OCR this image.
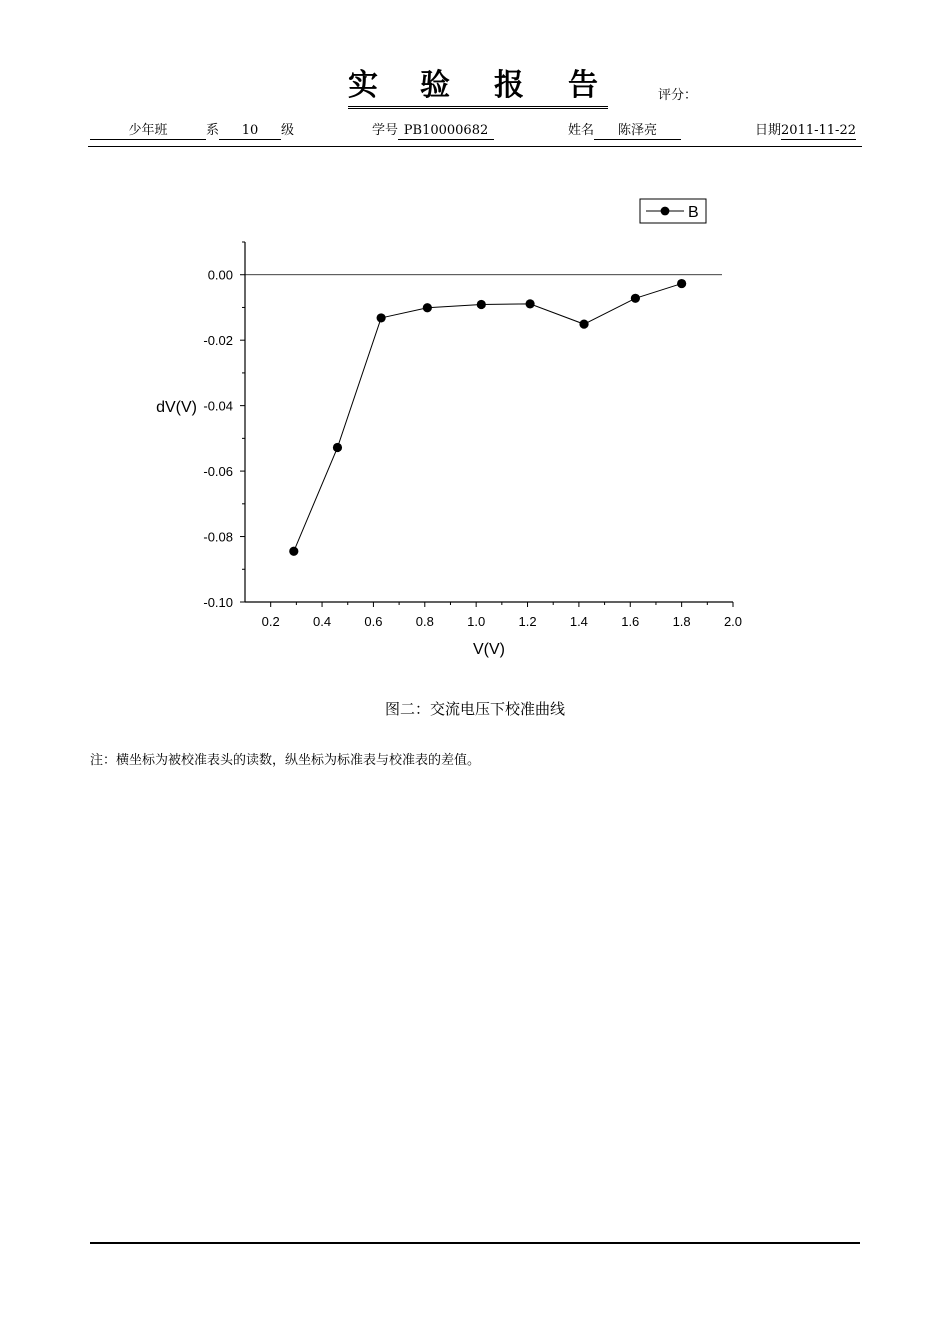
实 验 报 告	评分：
少年班	系 10 级	学号 PB10000682	姓名 陈泽亮	日期2011-11-22
0.2	0.4	0.6	0.8	1.0	1.2	1.4	1.6	1.8	2.0
0.00
-0.02
-0.04
-0.06
-0.08
-0.10
V(V)
dV(V)
B
图二：交流电压下校准曲线
注：横坐标为被校准表头的读数，纵坐标为标准表与校准表的差值。
